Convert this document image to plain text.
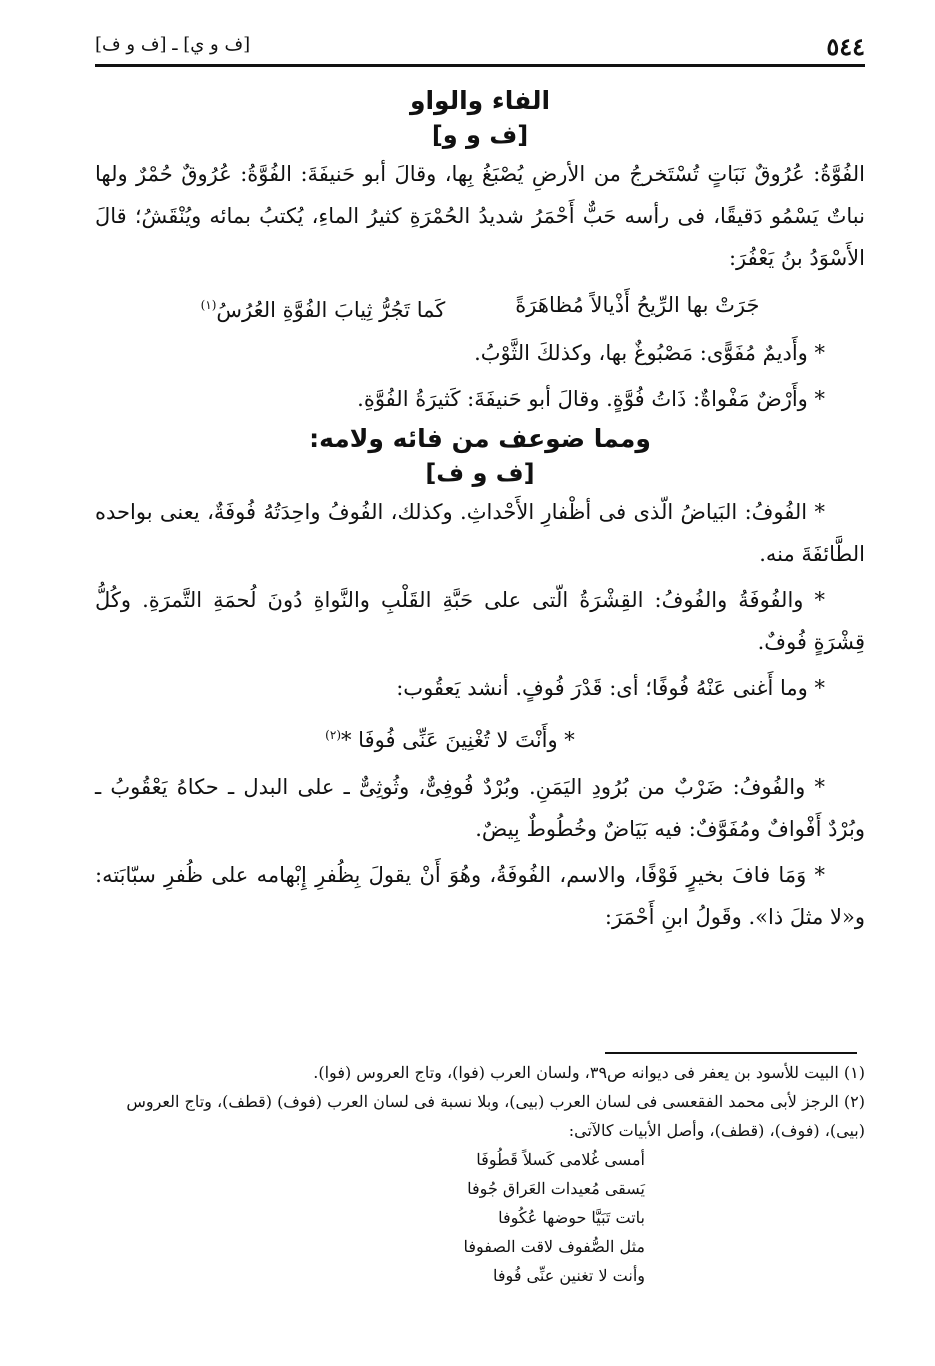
٥٤٤
[ف و ي] ـ [ف و ف]
الفاء والواو
[ف و و]

الفُوَّةُ: عُرُوقٌ نَبَاتٍ تُسْتَخرجُ من الأرضِ يُصْبَغُ بِها، وقالَ أبو حَنيفَةَ: الفُوَّةُ: عُرُوقٌ حُمْرٌ ولها نباتٌ يَسْمُو دَقيقًا، فى رأسه حَبٌّ أَحْمَرُ شديدُ الحُمْرَةِ كثيرُ الماءِ، يُكتبُ بمائه ويُنْقَشُ؛ قالَ الأَسْوَدُ بنُ يَعْفُرَ:

جَرَتْ بها الرِّيحُ أَذْيالاً مُظاهَرَةً
كَما تَجُرُّ ثِيابَ الفُوَّةِ العُرُسُ$^{(١)}$

* وأَديمٌ مُفَوًّى: مَصْبُوغٌ بها، وكذلكَ الثَّوْبُ.

* وأَرْضٌ مَفْواةٌ: ذَاتُ فُوَّةٍ. وقالَ أبو حَنيفَةَ: كَثيرَةُ الفُوَّةِ.

ومما ضوعف من فائه ولامه:
[ف و ف]

* الفُوفُ: البَياضُ الّذى فى أظْفارِ الأَحْداثِ. وكذلك، الفُوفُ واحِدَتُهُ فُوفَةٌ، يعنى بواحده الطَّائفَةَ منه.

* والفُوفَةُ والفُوفُ: القِشْرَةُ الّتى على حَبَّةِ القَلْبِ والنَّواةِ دُونَ لُحمَةِ التَّمرَةِ. وكُلُّ قِشْرَةٍ فُوفٌ.

* وما أَغنى عَنْهُ فُوفًا؛ أى: قَدْرَ فُوفٍ. أنشد يَعقُوب:

* وأَنْتَ لا تُغْنِينَ عَنِّى فُوفَا *$^{(٢)}$

* والفُوفُ: ضَرْبٌ من بُرُودِ اليَمَنِ. وبُرْدٌ فُوفِىٌّ، وثُوثِىٌّ ـ على البدل ـ حكاهُ يَعْقُوبُ ـ وبُرْدٌ أَفْوافٌ ومُفَوَّفٌ: فيه بَيَاضٌ وخُطُوطٌ بِيضٌ.

* وَمَا فافَ بخيرٍ فَوْفًا، والاسم، الفُوفَةُ، وهُوَ أَنْ يقولَ بِظُفرِ إِبْهامه على ظُفرِ سبّابَته: و«لا مثلَ ذا». وقَولُ ابنِ أَحْمَرَ:

(١) البيت للأسود بن يعفر فى ديوانه ص٣٩، ولسان العرب (فوا)، وتاج العروس (فوا).

(٢) الرجز لأبى محمد الفقعسى فى لسان العرب (بيى)، وبلا نسبة فى لسان العرب (فوف) (قطف)، وتاج العروس (بيى)، (فوف)، (قطف)، وأصل الأبيات كالآتى:

أمسى غُلامى كَسلاً قَطُوفَا
يَسقى مُعيدات العَراق جُوفا
باتت تَبَيَّا حوضها عُكُوفا
مثل الصُّفوف لاقت الصفوفا
وأنت لا تغنين عنِّى فُوفا
